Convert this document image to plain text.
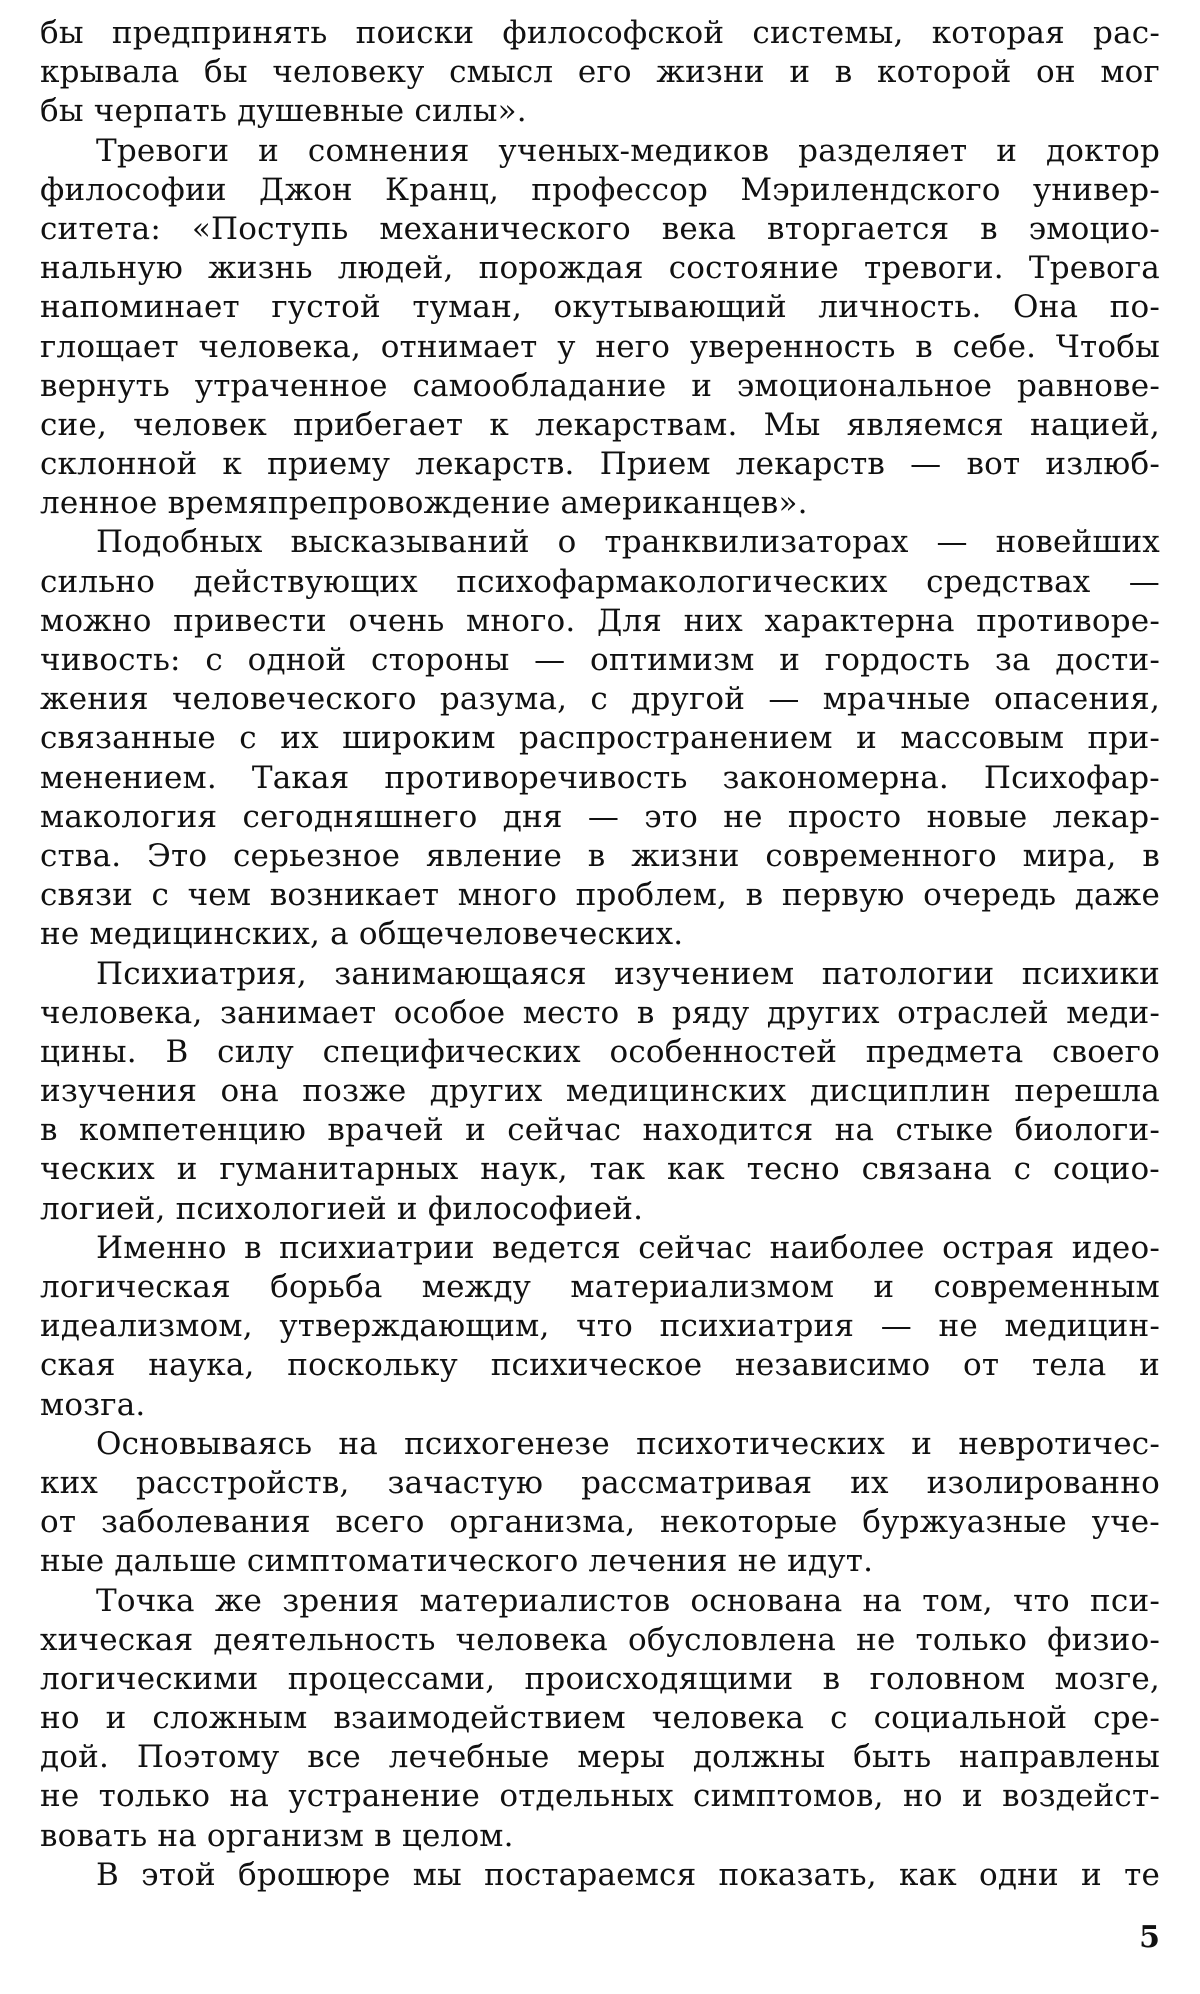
бы предпринять поиски философской системы, которая рас-
крывала бы человеку смысл его жизни и в которой он мог
бы черпать душевные силы».
Тревоги и сомнения ученых-медиков разделяет и доктор
философии Джон Кранц, профессор Мэрилендского универ-
ситета: «Поступь механического века вторгается в эмоцио-
нальную жизнь людей, порождая состояние тревоги. Тревога
напоминает густой туман, окутывающий личность. Она по-
глощает человека, отнимает у него уверенность в себе. Чтобы
вернуть утраченное самообладание и эмоциональное равнове-
сие, человек прибегает к лекарствам. Мы являемся нацией,
склонной к приему лекарств. Прием лекарств — вот излюб-
ленное времяпрепровождение американцев».
Подобных высказываний о транквилизаторах — новейших
сильно действующих психофармакологических средствах —
можно привести очень много. Для них характерна противоре-
чивость: с одной стороны — оптимизм и гордость за дости-
жения человеческого разума, с другой — мрачные опасения,
связанные с их широким распространением и массовым при-
менением. Такая противоречивость закономерна. Психофар-
макология сегодняшнего дня — это не просто новые лекар-
ства. Это серьезное явление в жизни современного мира, в
связи с чем возникает много проблем, в первую очередь даже
не медицинских, а общечеловеческих.
Психиатрия, занимающаяся изучением патологии психики
человека, занимает особое место в ряду других отраслей меди-
цины. В силу специфических особенностей предмета своего
изучения она позже других медицинских дисциплин перешла
в компетенцию врачей и сейчас находится на стыке биологи-
ческих и гуманитарных наук, так как тесно связана с социо-
логией, психологией и философией.
Именно в психиатрии ведется сейчас наиболее острая идео-
логическая борьба между материализмом и современным
идеализмом, утверждающим, что психиатрия — не медицин-
ская наука, поскольку психическое независимо от тела и
мозга.
Основываясь на психогенезе психотических и невротичес-
ких расстройств, зачастую рассматривая их изолированно
от заболевания всего организма, некоторые буржуазные уче-
ные дальше симптоматического лечения не идут.
Точка же зрения материалистов основана на том, что пси-
хическая деятельность человека обусловлена не только физио-
логическими процессами, происходящими в головном мозге,
но и сложным взаимодействием человека с социальной сре-
дой. Поэтому все лечебные меры должны быть направлены
не только на устранение отдельных симптомов, но и воздейст-
вовать на организм в целом.
В этой брошюре мы постараемся показать, как одни и те
5
